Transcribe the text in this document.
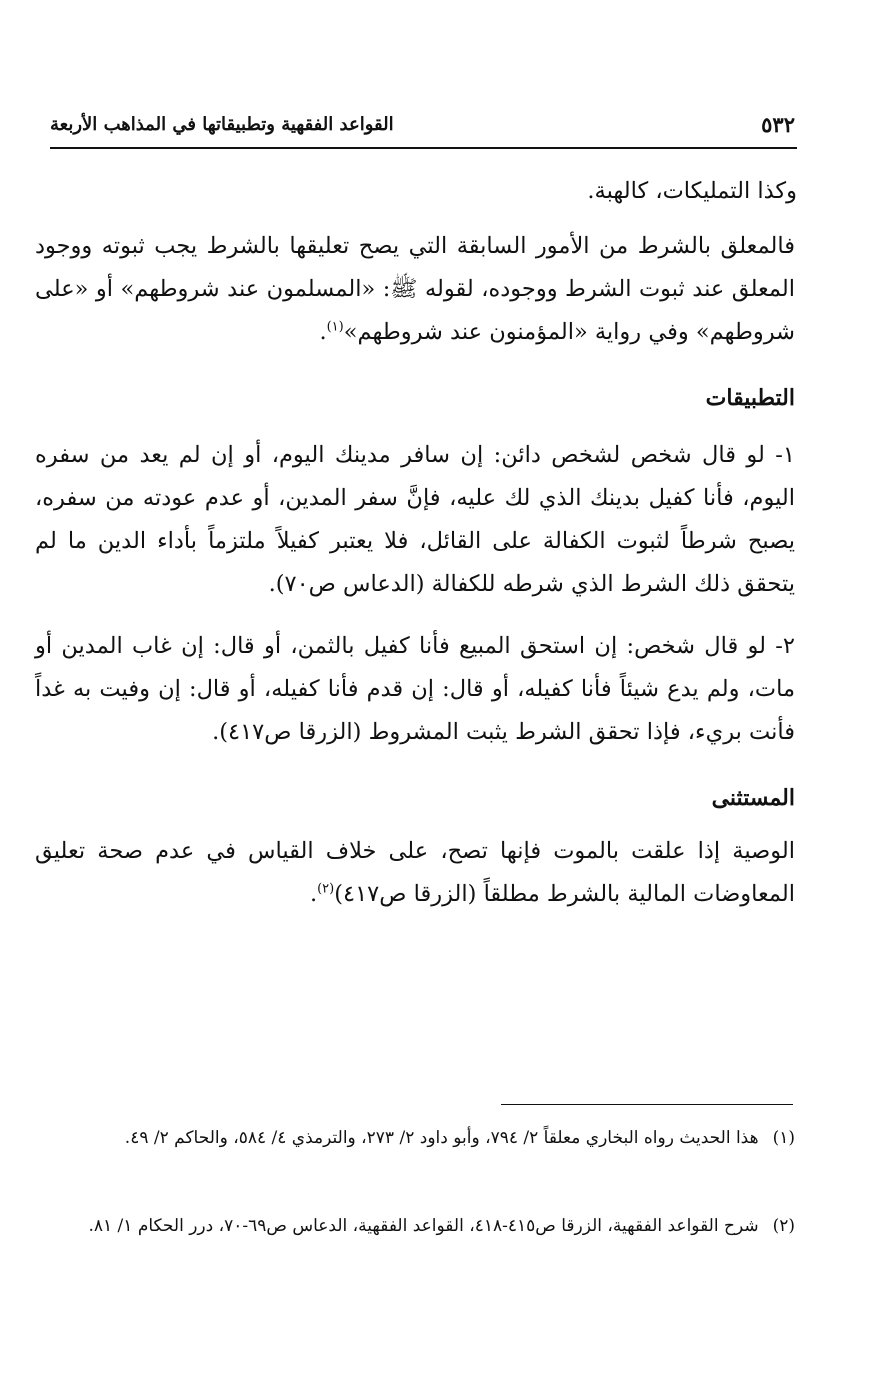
٥٣٢
القواعد الفقهية وتطبيقاتها في المذاهب الأربعة

وكذا التمليكات، كالهبة.

فالمعلق بالشرط من الأمور السابقة التي يصح تعليقها بالشرط يجب ثبوته ووجود المعلق عند ثبوت الشرط ووجوده، لقوله ﷺ: «المسلمون عند شروطهم» أو «على شروطهم» وفي رواية «المؤمنون عند شروطهم»$^{(١)}$.

التطبيقات

١- لو قال شخص لشخص دائن: إن سافر مدينك اليوم، أو إن لم يعد من سفره اليوم، فأنا كفيل بدينك الذي لك عليه، فإنَّ سفر المدين، أو عدم عودته من سفره، يصبح شرطاً لثبوت الكفالة على القائل، فلا يعتبر كفيلاً ملتزماً بأداء الدين ما لم يتحقق ذلك الشرط الذي شرطه للكفالة (الدعاس ص٧٠).

٢- لو قال شخص: إن استحق المبيع فأنا كفيل بالثمن، أو قال: إن غاب المدين أو مات، ولم يدع شيئاً فأنا كفيله، أو قال: إن قدم فأنا كفيله، أو قال: إن وفيت به غداً فأنت بريء، فإذا تحقق الشرط يثبت المشروط (الزرقا ص٤١٧).

المستثنى

الوصية إذا علقت بالموت فإنها تصح، على خلاف القياس في عدم صحة تعليق المعاوضات المالية بالشرط مطلقاً (الزرقا ص٤١٧)$^{(٢)}$.

(١)هذا الحديث رواه البخاري معلقاً ٢/ ٧٩٤، وأبو داود ٢/ ٢٧٣، والترمذي ٤/ ٥٨٤، والحاكم ٢/ ٤٩.

(٢)شرح القواعد الفقهية، الزرقا ص٤١٥-٤١٨، القواعد الفقهية، الدعاس ص٦٩-٧٠، درر الحكام ١/ ٨١.
